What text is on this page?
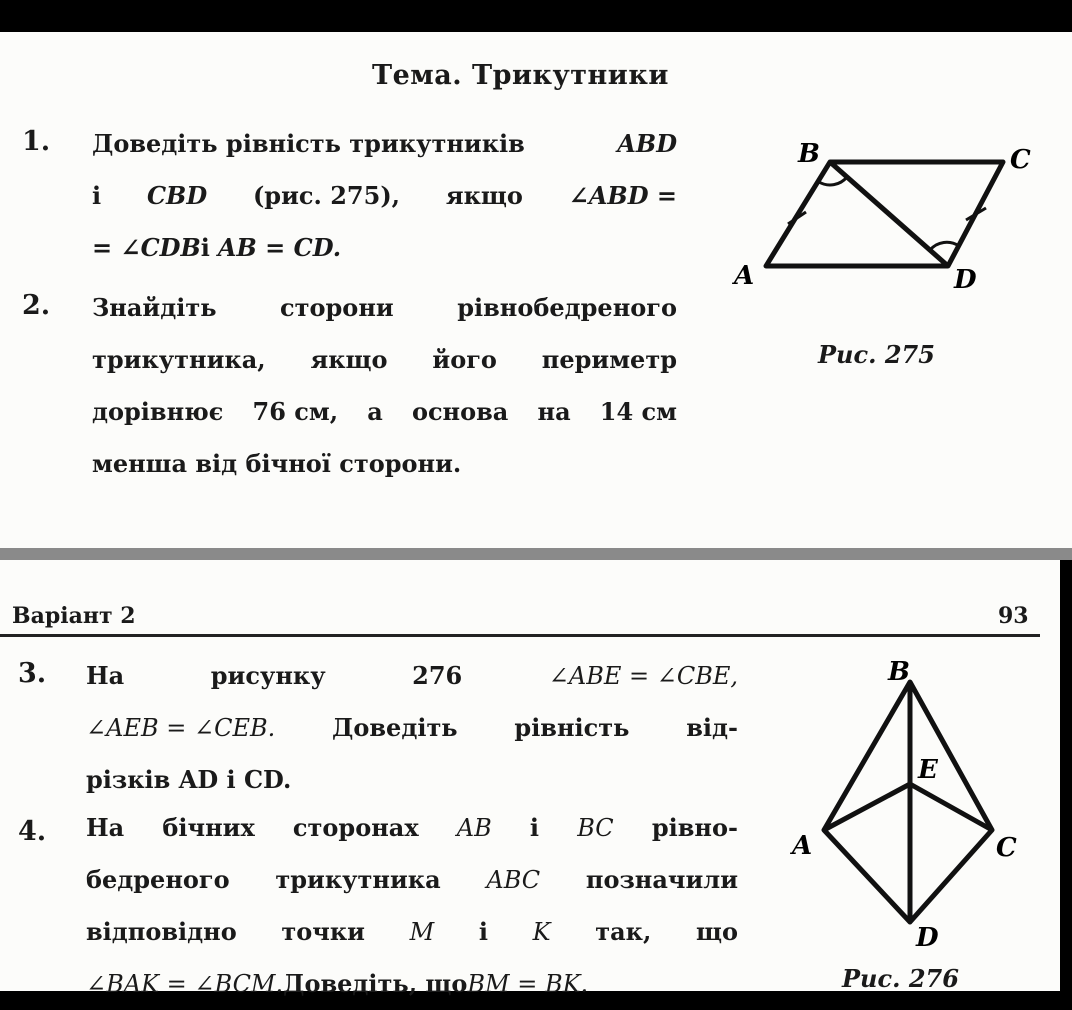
Тема. Трикутники
1. Доведіть рівність трикутників	ABD
і CBD (рис. 275), якщо ∠ABD =
= ∠CDB і AB = CD.
2. Знайдіть	сторони	рівнобедреного
трикутника, якщо його периметр
дорівнює 76 см, а основа на 14 см
менша від бічної сторони.
A
B	C
D
Рис. 275
Варіант 2	93
3. На	рисунку	276	∠ABE = ∠CBE,
∠AEB = ∠CEB. Доведіть рівність від-
різків AD і CD.
4. На бічних сторонах AB і BC рівно-
бедреного трикутника ABC позначили
відповідно точки M і K так, що
∠BAK = ∠BCM. Доведіть, що BM = BK.
A
B
C
D
E
Рис. 276
